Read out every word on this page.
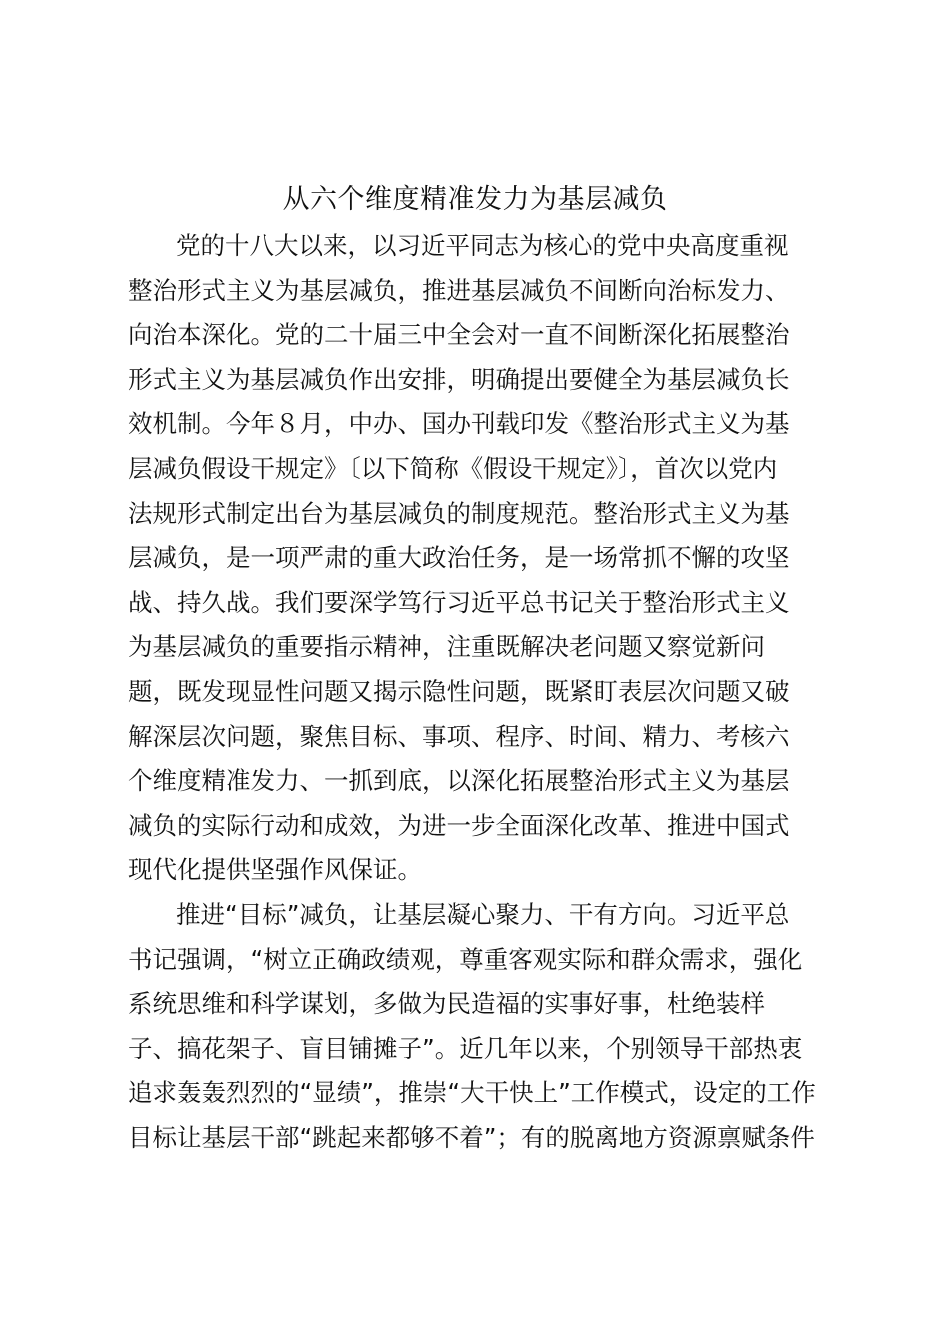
从六个维度精准发力为基层减负
党的十八大以来，以习近平同志为核心的党中央高度重视
整治形式主义为基层减负，推进基层减负不间断向治标发力、
向治本深化。党的二十届三中全会对一直不间断深化拓展整治
形式主义为基层减负作出安排，明确提出要健全为基层减负长
效机制。今年８月，中办、国办刊载印发《整治形式主义为基
层减负假设干规定》〔以下简称《假设干规定》〕，首次以党内
法规形式制定出台为基层减负的制度规范。整治形式主义为基
层减负，是一项严肃的重大政治任务，是一场常抓不懈的攻坚
战、持久战。我们要深学笃行习近平总书记关于整治形式主义
为基层减负的重要指示精神，注重既解决老问题又察觉新问
题，既发现显性问题又揭示隐性问题，既紧盯表层次问题又破
解深层次问题，聚焦目标、事项、程序、时间、精力、考核六
个维度精准发力、一抓到底，以深化拓展整治形式主义为基层
减负的实际行动和成效，为进一步全面深化改革、推进中国式
现代化提供坚强作风保证。
推进“目标”减负，让基层凝心聚力、干有方向。习近平总
书记强调，“树立正确政绩观，尊重客观实际和群众需求，强化
系统思维和科学谋划，多做为民造福的实事好事，杜绝装样
子、搞花架子、盲目铺摊子”。近几年以来，个别领导干部热衷
追求轰轰烈烈的“显绩”，推崇“大干快上”工作模式，设定的工作
目标让基层干部“跳起来都够不着”；有的脱离地方资源禀赋条件
